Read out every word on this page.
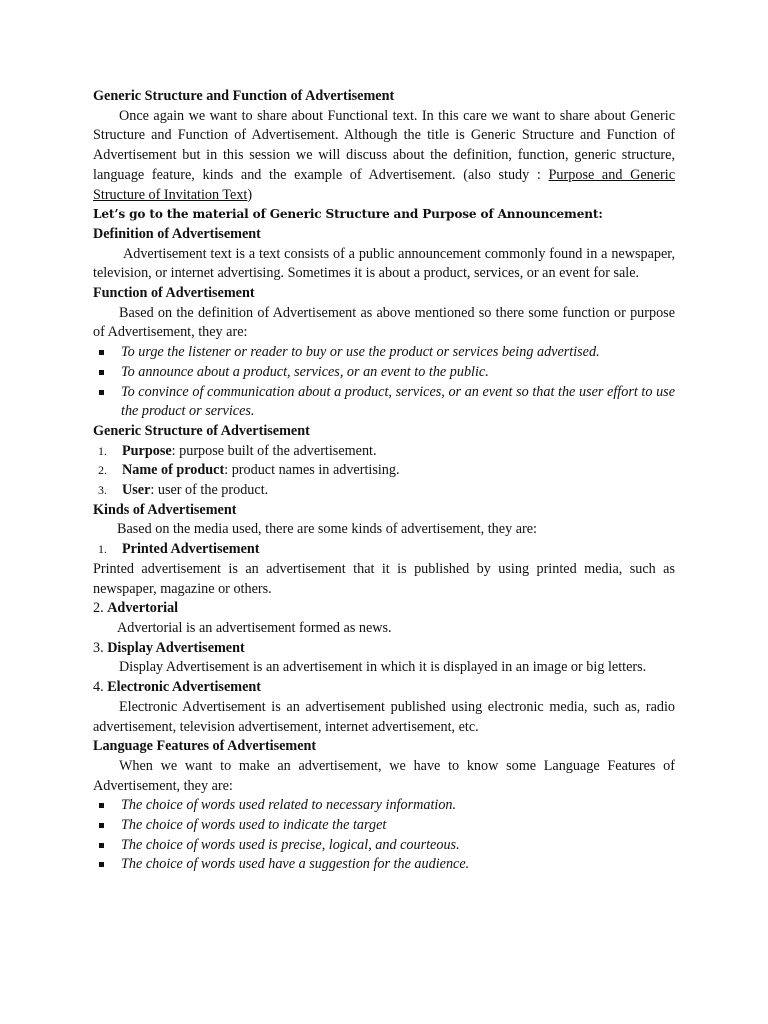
Generic Structure and Function of Advertisement

Once again we want to share about Functional text. In this care we want to share about Generic Structure and Function of Advertisement. Although the title is Generic Structure and Function of Advertisement but in this session we will discuss about the definition, function, generic structure, language feature, kinds and the example of Advertisement. (also study : Purpose and Generic Structure of Invitation Text)

Let’s go to the material of Generic Structure and Purpose of Announcement:

Definition of Advertisement

Advertisement text is a text consists of a public announcement commonly found in a newspaper, television, or internet advertising. Sometimes it is about a product, services, or an event for sale.

Function of Advertisement

Based on the definition of Advertisement as above mentioned so there some function or purpose of Advertisement, they are:

To urge the listener or reader to buy or use the product or services being advertised.
To announce about a product, services, or an event to the public.
To convince of communication about a product, services, or an event so that the user effort to use the product or services.

Generic Structure of Advertisement

1. Purpose: purpose built of the advertisement.
2. Name of product: product names in advertising.
3. User: user of the product.

Kinds of Advertisement

Based on the media used, there are some kinds of advertisement, they are:

1. Printed Advertisement

Printed advertisement is an advertisement that it is published by using printed media, such as newspaper, magazine or others.

2. Advertorial

Advertorial is an advertisement formed as news.

3. Display Advertisement

Display Advertisement is an advertisement in which it is displayed in an image or big letters.

4. Electronic Advertisement

Electronic Advertisement is an advertisement published using electronic media, such as, radio advertisement, television advertisement, internet advertisement, etc.

Language Features of Advertisement

When we want to make an advertisement, we have to know some Language Features of Advertisement, they are:

The choice of words used related to necessary information.
The choice of words used to indicate the target
The choice of words used is precise, logical, and courteous.
The choice of words used have a suggestion for the audience.
